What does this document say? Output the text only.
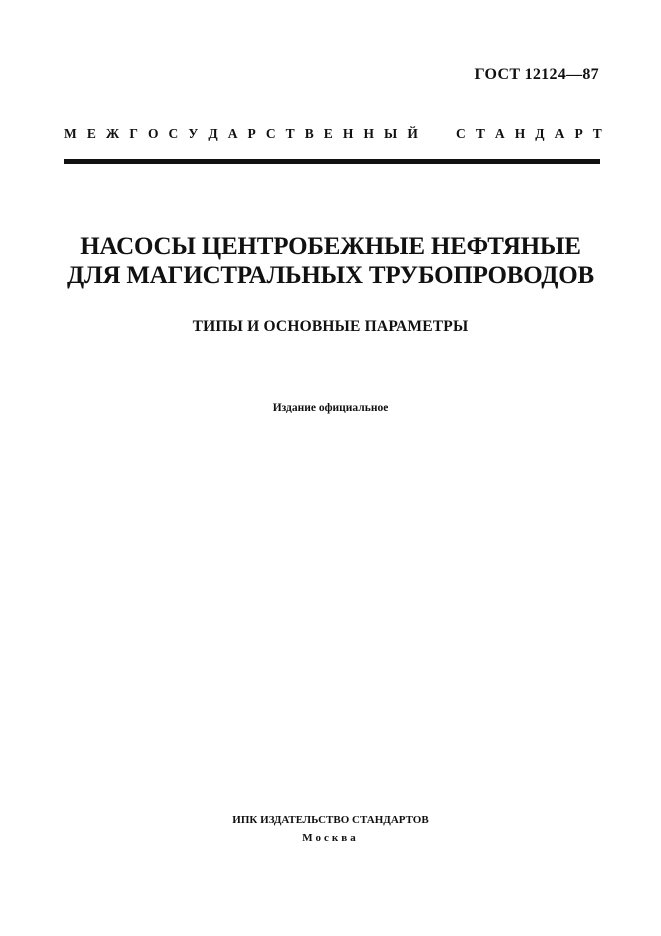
ГОСТ 12124—87
М Е Ж Г О С У Д А Р С Т В Е Н Н Ы Й
	С Т А Н Д А Р Т
НАСОСЫ ЦЕНТРОБЕЖНЫЕ НЕФТЯНЫЕ
ДЛЯ МАГИСТРАЛЬНЫХ ТРУБОПРОВОДОВ
ТИПЫ И ОСНОВНЫЕ ПАРАМЕТРЫ
Издание официальное
ИПК ИЗДАТЕЛЬСТВО СТАНДАРТОВ
Москва
